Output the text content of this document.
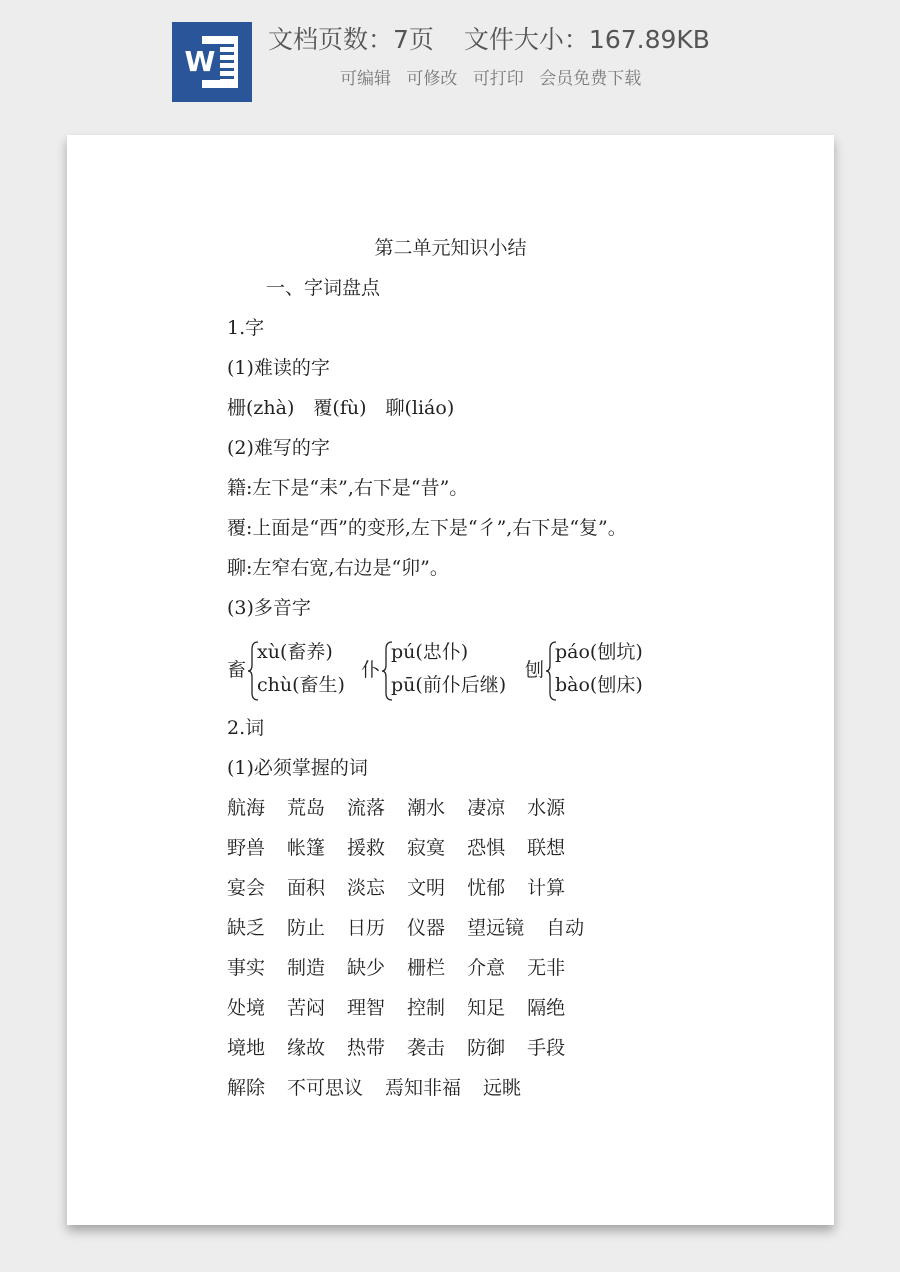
W
文档页数：7页 文件大小：167.89KB
可编辑 可修改 可打印 会员免费下载
第二单元知识小结
一、字词盘点
1.字
(1)难读的字
栅(zhà)　覆(fù)　聊(liáo)
(2)难写的字
籍:左下是“耒”,右下是“昔”。
覆:上面是“西”的变形,左下是“彳”,右下是“复”。
聊:左窄右宽,右边是“卯”。
(3)多音字
畜
xù(畜养)
chù(畜生)
仆
pú(忠仆)
pū(前仆后继)
刨
páo(刨坑)
bào(刨床)
2.词
(1)必须掌握的词
航海 荒岛 流落 潮水 凄凉 水源
野兽 帐篷 援救 寂寞 恐惧 联想
宴会 面积 淡忘 文明 忧郁 计算
缺乏 防止 日历 仪器 望远镜 自动
事实 制造 缺少 栅栏 介意 无非
处境 苦闷 理智 控制 知足 隔绝
境地 缘故 热带 袭击 防御 手段
解除 不可思议 焉知非福 远眺
